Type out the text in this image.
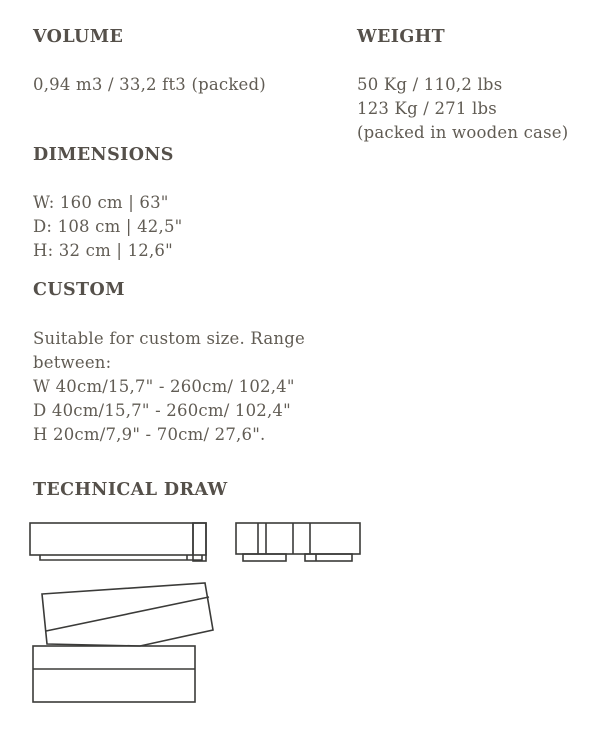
VOLUME
0,94 m3 / 33,2 ft3 (packed)
WEIGHT
50 Kg / 110,2 lbs
123 Kg / 271 lbs
(packed in wooden case)
DIMENSIONS
W: 160 cm | 63"
D: 108 cm | 42,5"
H: 32 cm | 12,6"
CUSTOM
Suitable for custom size. Range
between:
W 40cm/15,7" - 260cm/ 102,4"
D 40cm/15,7" - 260cm/ 102,4"
H 20cm/7,9" - 70cm/ 27,6".
TECHNICAL DRAW
